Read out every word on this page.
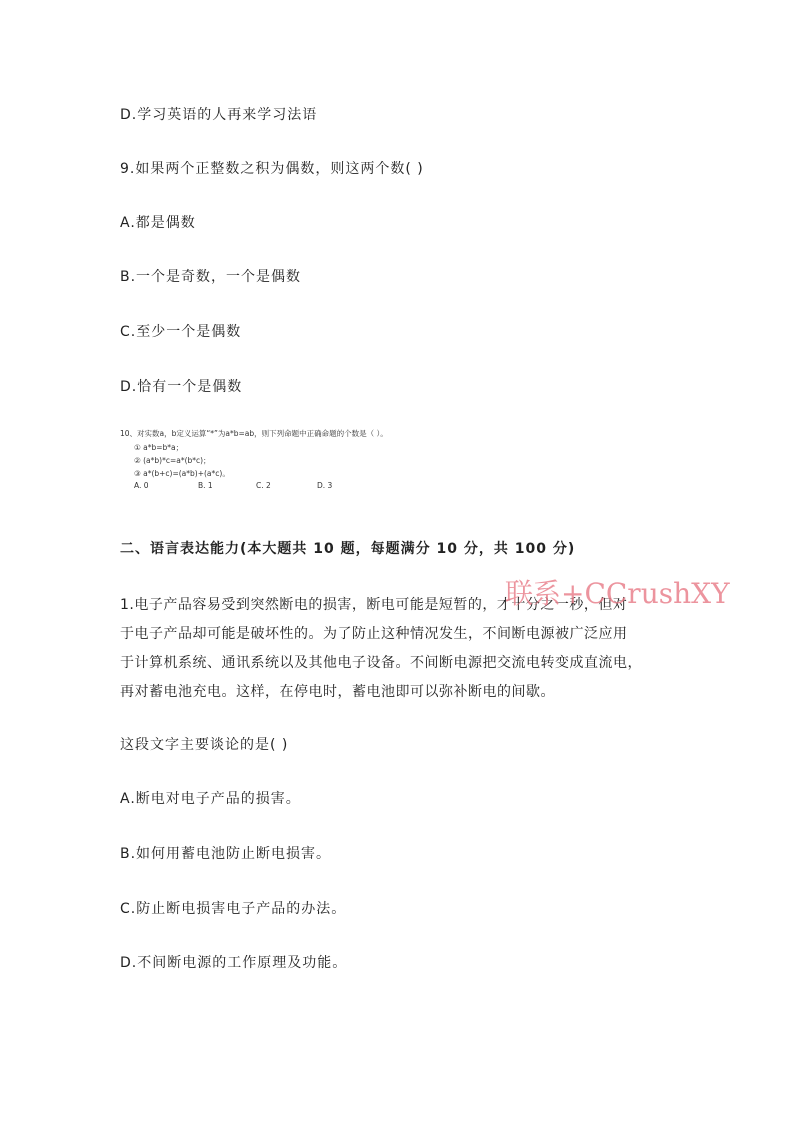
D.学习英语的人再来学习法语
9.如果两个正整数之积为偶数，则这两个数( )
A.都是偶数
B.一个是奇数，一个是偶数
C.至少一个是偶数
D.恰有一个是偶数
10、对实数a，b定义运算“*”为a*b=ab，则下列命题中正确命题的个数是（ ）。
① a*b=b*a；
② (a*b)*c=a*(b*c)；
③ a*(b+c)=(a*b)+(a*c)。
A. 0	B. 1	C. 2	D. 3
二、语言表达能力(本大题共 10 题，每题满分 10 分，共 100 分)
1.电子产品容易受到突然断电的损害，断电可能是短暂的，才十分之一秒，但对
于电子产品却可能是破坏性的。为了防止这种情况发生，不间断电源被广泛应用
于计算机系统、通讯系统以及其他电子设备。不间断电源把交流电转变成直流电，
再对蓄电池充电。这样，在停电时，蓄电池即可以弥补断电的间歇。
这段文字主要谈论的是( )
A.断电对电子产品的损害。
B.如何用蓄电池防止断电损害。
C.防止断电损害电子产品的办法。
D.不间断电源的工作原理及功能。
联系+CCrushXY
